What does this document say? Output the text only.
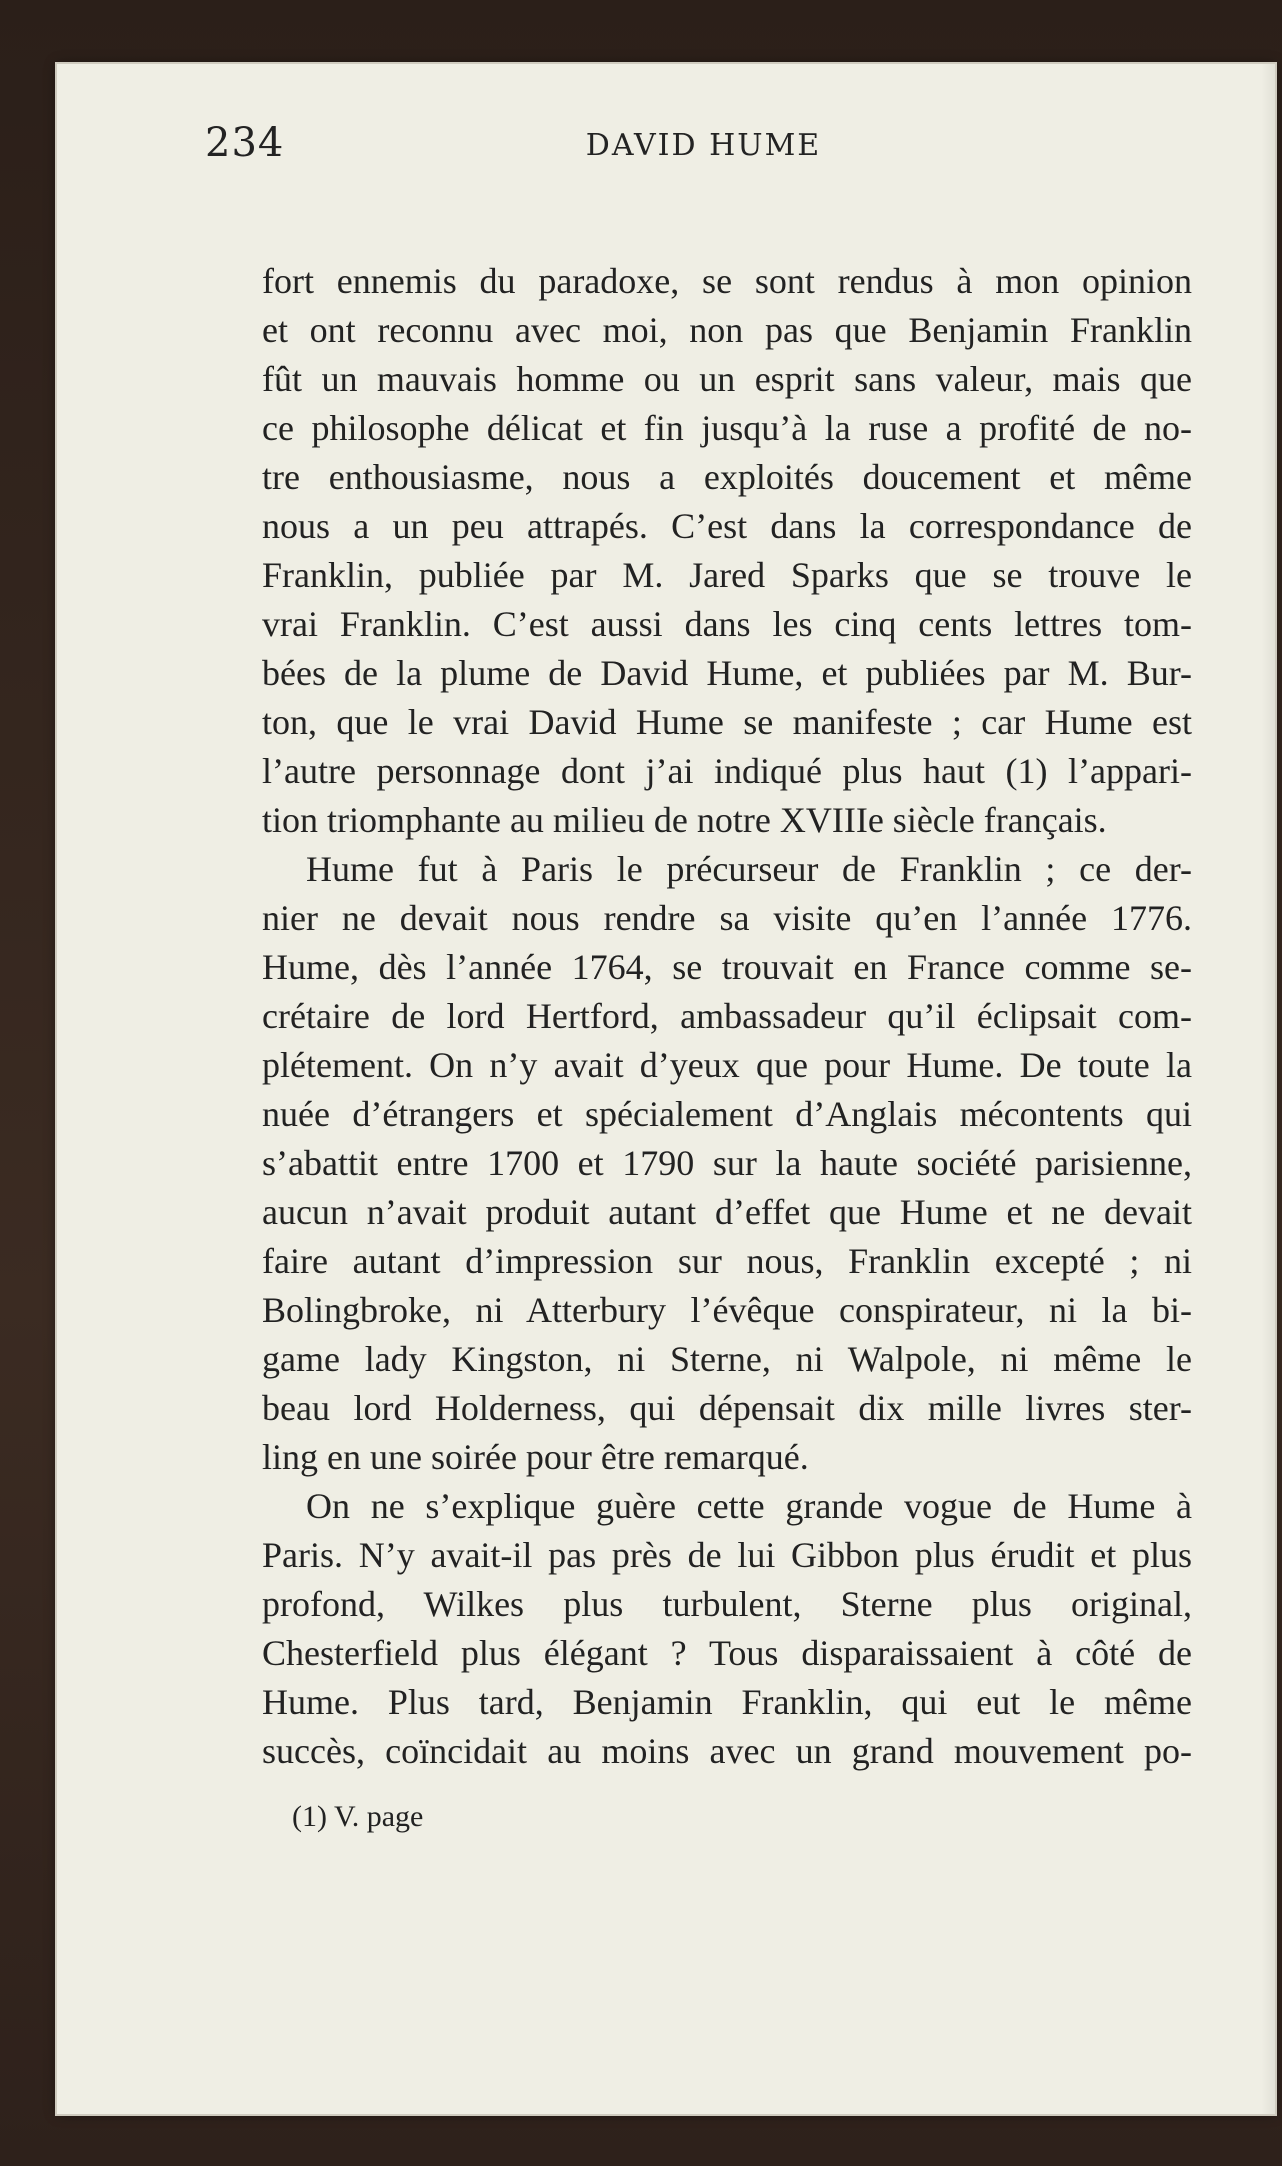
234	DAVID HUME
fort ennemis du paradoxe, se sont rendus à mon opinion
et ont reconnu avec moi, non pas que Benjamin Franklin
fût un mauvais homme ou un esprit sans valeur, mais que
ce philosophe délicat et fin jusqu’à la ruse a profité de no-
tre enthousiasme, nous a exploités doucement et même
nous a un peu attrapés. C’est dans la correspondance de
Franklin, publiée par M. Jared Sparks que se trouve le
vrai Franklin. C’est aussi dans les cinq cents lettres tom-
bées de la plume de David Hume, et publiées par M. Bur-
ton, que le vrai David Hume se manifeste ; car Hume est
l’autre personnage dont j’ai indiqué plus haut (1) l’appari-
tion triomphante au milieu de notre XVIIIe siècle français.
Hume fut à Paris le précurseur de Franklin ; ce der-
nier ne devait nous rendre sa visite qu’en l’année 1776.
Hume, dès l’année 1764, se trouvait en France comme se-
crétaire de lord Hertford, ambassadeur qu’il éclipsait com-
plétement. On n’y avait d’yeux que pour Hume. De toute la
nuée d’étrangers et spécialement d’Anglais mécontents qui
s’abattit entre 1700 et 1790 sur la haute société parisienne,
aucun n’avait produit autant d’effet que Hume et ne devait
faire autant d’impression sur nous, Franklin excepté ; ni
Bolingbroke, ni Atterbury l’évêque conspirateur, ni la bi-
game lady Kingston, ni Sterne, ni Walpole, ni même le
beau lord Holderness, qui dépensait dix mille livres ster-
ling en une soirée pour être remarqué.
On ne s’explique guère cette grande vogue de Hume à
Paris. N’y avait-il pas près de lui Gibbon plus érudit et plus
profond, Wilkes plus turbulent, Sterne plus original,
Chesterfield plus élégant ? Tous disparaissaient à côté de
Hume. Plus tard, Benjamin Franklin, qui eut le même
succès, coïncidait au moins avec un grand mouvement po-
(1) V. page
